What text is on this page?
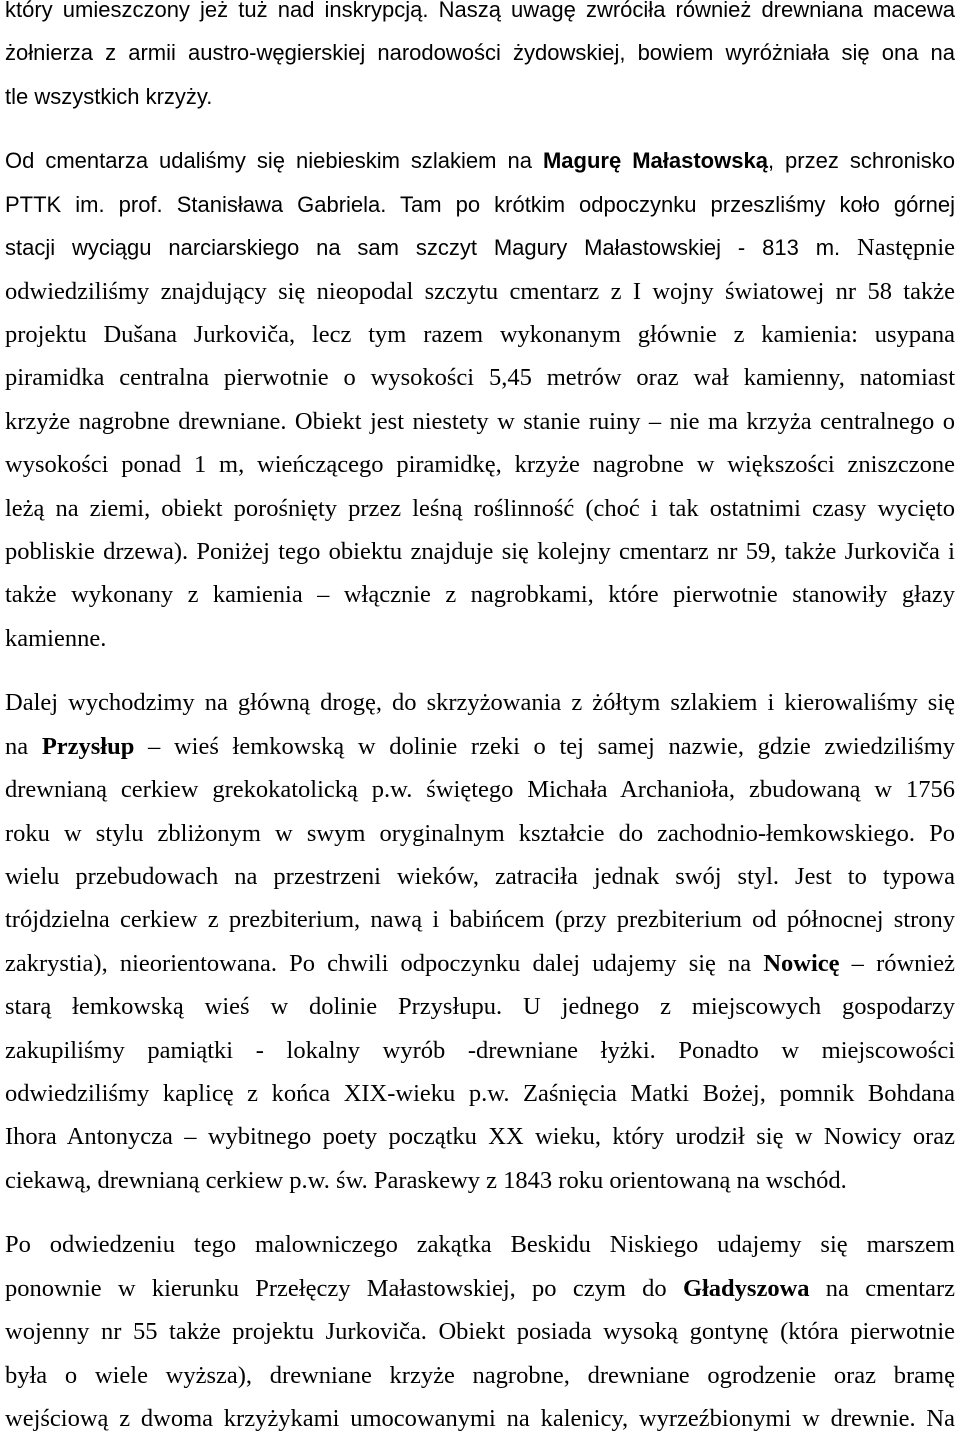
który umieszczony jeż tuż nad inskrypcją. Naszą uwagę zwróciła również drewniana macewa
żołnierza z armii austro-węgierskiej narodowości żydowskiej, bowiem wyróżniała się ona na
tle wszystkich krzyży.
Od cmentarza udaliśmy się niebieskim szlakiem na Magurę Małastowską, przez schronisko
PTTK im. prof. Stanisława Gabriela. Tam po krótkim odpoczynku przeszliśmy koło górnej
stacji wyciągu narciarskiego na sam szczyt Magury Małastowskiej - 813 m. Następnie
odwiedziliśmy znajdujący się nieopodal szczytu cmentarz z I wojny światowej nr 58 także
projektu Dušana Jurkoviča, lecz tym razem wykonanym głównie z kamienia: usypana
piramidka centralna pierwotnie o wysokości 5,45 metrów oraz wał kamienny, natomiast
krzyże nagrobne drewniane. Obiekt jest niestety w stanie ruiny – nie ma krzyża centralnego o
wysokości ponad 1 m, wieńczącego piramidkę, krzyże nagrobne w większości zniszczone
leżą na ziemi, obiekt porośnięty przez leśną roślinność (choć i tak ostatnimi czasy wycięto
pobliskie drzewa). Poniżej tego obiektu znajduje się kolejny cmentarz nr 59, także Jurkoviča i
także wykonany z kamienia – włącznie z nagrobkami, które pierwotnie stanowiły głazy
kamienne.
Dalej wychodzimy na główną drogę, do skrzyżowania z żółtym szlakiem i kierowaliśmy się
na Przysłup – wieś łemkowską w dolinie rzeki o tej samej nazwie, gdzie zwiedziliśmy
drewnianą cerkiew grekokatolicką p.w. świętego Michała Archanioła, zbudowaną w 1756
roku w stylu zbliżonym w swym oryginalnym kształcie do zachodnio-łemkowskiego. Po
wielu przebudowach na przestrzeni wieków, zatraciła jednak swój styl. Jest to typowa
trójdzielna cerkiew z prezbiterium, nawą i babińcem (przy prezbiterium od północnej strony
zakrystia), nieorientowana. Po chwili odpoczynku dalej udajemy się na Nowicę – również
starą łemkowską wieś w dolinie Przysłupu. U jednego z miejscowych gospodarzy
zakupiliśmy pamiątki - lokalny wyrób -drewniane łyżki. Ponadto w miejscowości
odwiedziliśmy kaplicę z końca XIX-wieku p.w. Zaśnięcia Matki Bożej, pomnik Bohdana
Ihora Antonycza – wybitnego poety początku XX wieku, który urodził się w Nowicy oraz
ciekawą, drewnianą cerkiew p.w. św. Paraskewy z 1843 roku orientowaną na wschód.
Po odwiedzeniu tego malowniczego zakątka Beskidu Niskiego udajemy się marszem
ponownie w kierunku Przełęczy Małastowskiej, po czym do Gładyszowa na cmentarz
wojenny nr 55 także projektu Jurkoviča. Obiekt posiada wysoką gontynę (która pierwotnie
była o wiele wyższa), drewniane krzyże nagrobne, drewniane ogrodzenie oraz bramę
wejściową z dwoma krzyżykami umocowanymi na kalenicy, wyrzeźbionymi w drewnie. Na
